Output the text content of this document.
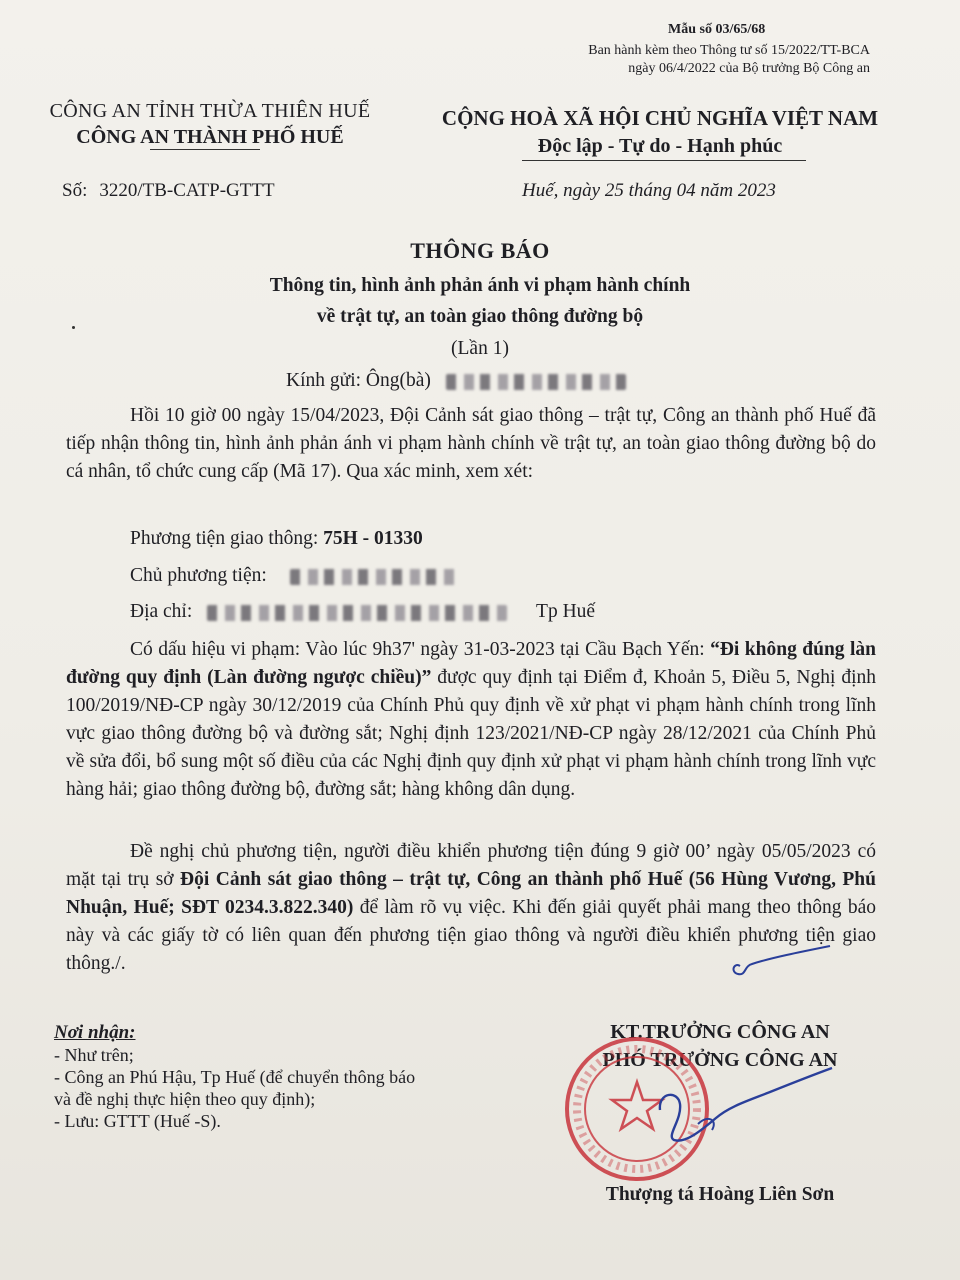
Mẫu số 03/65/68
Ban hành kèm theo Thông tư số 15/2022/TT-BCA
ngày 06/4/2022 của Bộ trưởng Bộ Công an
CÔNG AN TỈNH THỪA THIÊN HUẾ
CÔNG AN THÀNH PHỐ HUẾ
CỘNG HOÀ XÃ HỘI CHỦ NGHĨA VIỆT NAM
Độc lập - Tự do - Hạnh phúc
Số: 3220/TB-CATP-GTTT	Huế, ngày 25 tháng 04 năm 2023
THÔNG BÁO
Thông tin, hình ảnh phản ánh vi phạm hành chính
về trật tự, an toàn giao thông đường bộ
(Lần 1)
Kính gửi: Ông(bà)
Hồi 10 giờ 00 ngày 15/04/2023, Đội Cảnh sát giao thông – trật tự, Công an thành phố Huế đã tiếp nhận thông tin, hình ảnh phản ánh vi phạm hành chính về trật tự, an toàn giao thông đường bộ do cá nhân, tổ chức cung cấp (Mã 17). Qua xác minh, xem xét:
Phương tiện giao thông: 75H - 01330
Chủ phương tiện:
Địa chỉ:	Tp Huế
Có dấu hiệu vi phạm: Vào lúc 9h37' ngày 31-03-2023 tại Cầu Bạch Yến: “Đi không đúng làn đường quy định (Làn đường ngược chiều)” được quy định tại Điểm đ, Khoản 5, Điều 5, Nghị định 100/2019/NĐ-CP ngày 30/12/2019 của Chính Phủ quy định về xử phạt vi phạm hành chính trong lĩnh vực giao thông đường bộ và đường sắt; Nghị định 123/2021/NĐ-CP ngày 28/12/2021 của Chính Phủ về sửa đổi, bổ sung một số điều của các Nghị định quy định xử phạt vi phạm hành chính trong lĩnh vực hàng hải; giao thông đường bộ, đường sắt; hàng không dân dụng.
Đề nghị chủ phương tiện, người điều khiển phương tiện đúng 9 giờ 00’ ngày 05/05/2023 có mặt tại trụ sở Đội Cảnh sát giao thông – trật tự, Công an thành phố Huế (56 Hùng Vương, Phú Nhuận, Huế; SĐT 0234.3.822.340) để làm rõ vụ việc. Khi đến giải quyết phải mang theo thông báo này và các giấy tờ có liên quan đến phương tiện giao thông và người điều khiển phương tiện giao thông./.
Nơi nhận:
- Như trên;
- Công an Phú Hậu, Tp Huế (để chuyển thông báo
và đề nghị thực hiện theo quy định);
- Lưu: GTTT (Huế -S).
KT.TRƯỞNG CÔNG AN
PHÓ TRƯỞNG CÔNG AN
Thượng tá Hoàng Liên Sơn
